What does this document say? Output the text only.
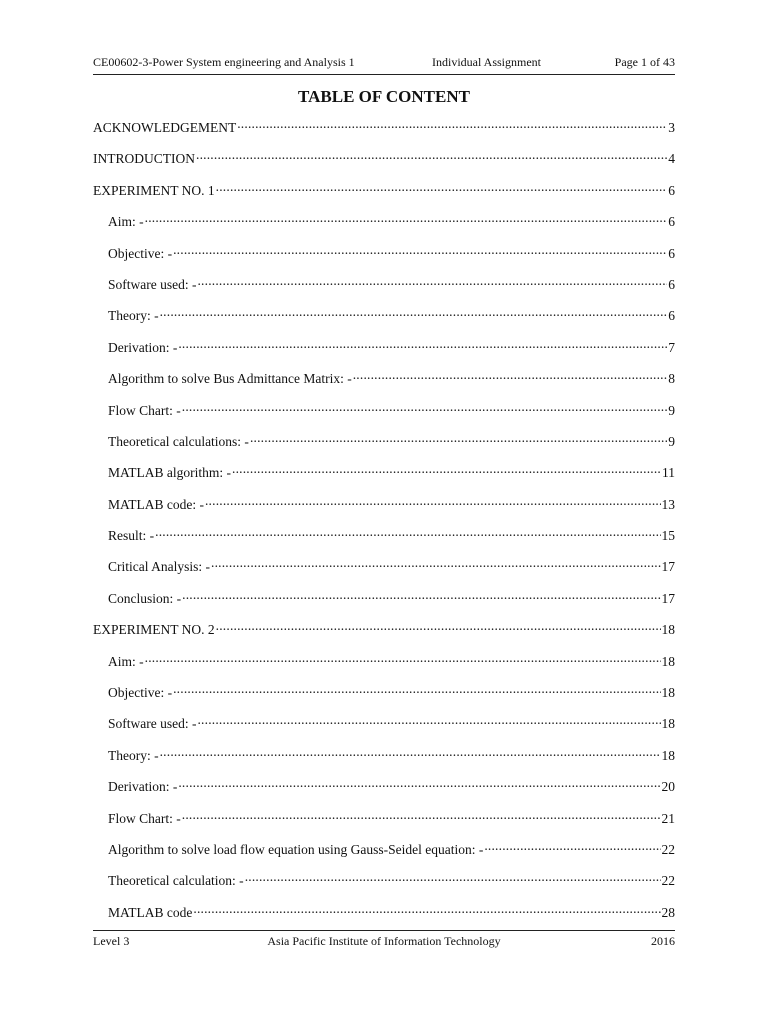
CE00602-3-Power System engineering and Analysis 1	Individual Assignment	Page 1 of 43
TABLE OF CONTENT
ACKNOWLEDGEMENT .....	3
INTRODUCTION .....	4
EXPERIMENT NO. 1 .....	6
Aim: - .....	6
Objective: - .....	6
Software used: - .....	6
Theory: - .....	6
Derivation: - .....	7
Algorithm to solve Bus Admittance Matrix: - .....	8
Flow Chart: - .....	9
Theoretical calculations: - .....	9
MATLAB algorithm: - .....	11
MATLAB code: - .....	13
Result: - .....	15
Critical Analysis: - .....	17
Conclusion: - .....	17
EXPERIMENT NO. 2 .....	18
Aim: - .....	18
Objective: - .....	18
Software used: - .....	18
Theory: - .....	18
Derivation: - .....	20
Flow Chart: - .....	21
Algorithm to solve load flow equation using Gauss-Seidel equation: - .....	22
Theoretical calculation: - .....	22
MATLAB code .....	28
Level 3	Asia Pacific Institute of Information Technology	2016
